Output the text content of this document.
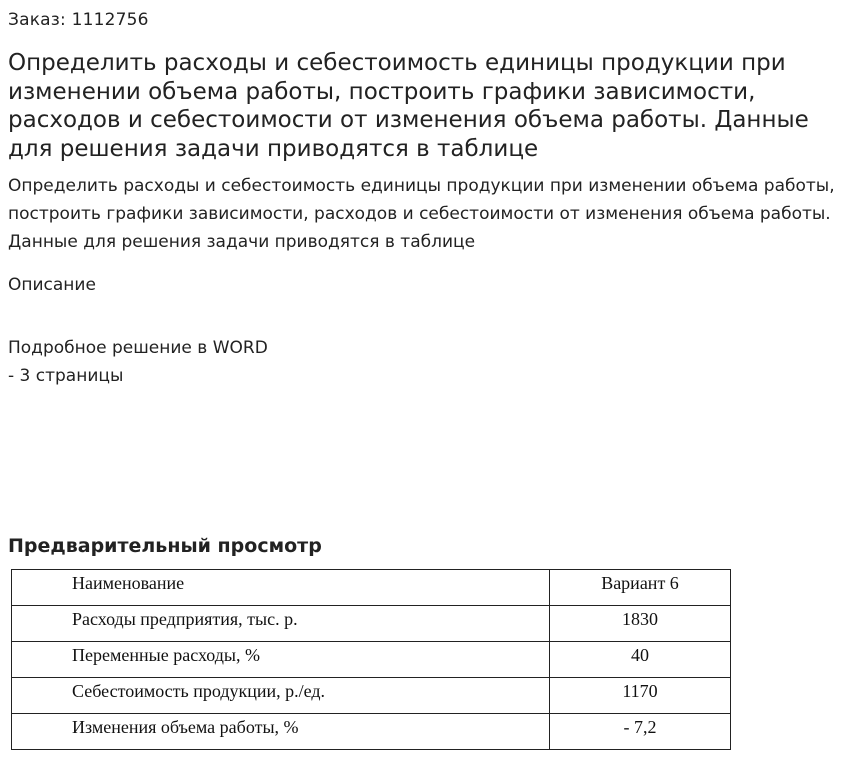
Заказ: 1112756
Определить расходы и себестоимость единицы продукции при изменении объема работы, построить графики зависимости, расходов и себестоимости от изменения объема работы. Данные для решения задачи приводятся в таблице

Определить расходы и себестоимость единицы продукции при изменении объема работы, построить графики зависимости, расходов и себестоимости от изменения объема работы. Данные для решения задачи приводятся в таблице

Описание

Подробное решение в WORD - 3 страницы

Предварительный просмотр
Наименование	Вариант 6
Расходы предприятия, тыс. р.	1830
Переменные расходы, %	40
Себестоимость продукции, р./ед.	1170
Изменения объема работы, %	- 7,2
